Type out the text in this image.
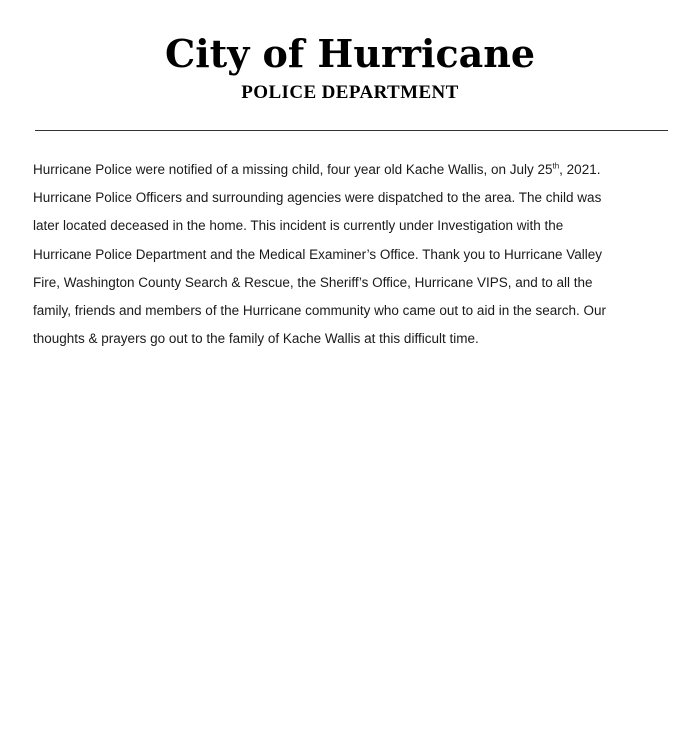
City of Hurricane
POLICE DEPARTMENT

Hurricane Police were notified of a missing child, four year old Kache Wallis, on July 25th, 2021.
Hurricane Police Officers and surrounding agencies were dispatched to the area. The child was
later located deceased in the home. This incident is currently under Investigation with the
Hurricane Police Department and the Medical Examiner’s Office. Thank you to Hurricane Valley
Fire, Washington County Search & Rescue, the Sheriff’s Office, Hurricane VIPS, and to all the
family, friends and members of the Hurricane community who came out to aid in the search. Our
thoughts & prayers go out to the family of Kache Wallis at this difficult time.
